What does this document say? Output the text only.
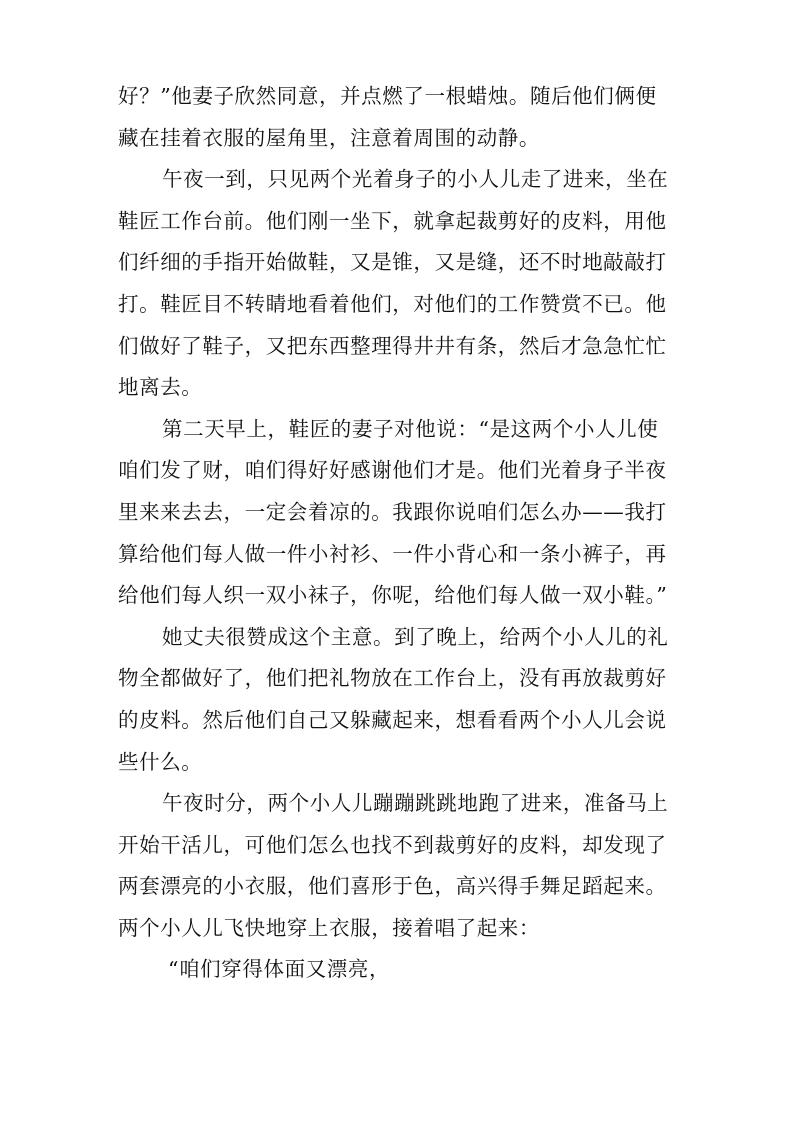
好？”他妻子欣然同意，并点燃了一根蜡烛。随后他们俩便
藏在挂着衣服的屋角里，注意着周围的动静。
午夜一到，只见两个光着身子的小人儿走了进来，坐在
鞋匠工作台前。他们刚一坐下，就拿起裁剪好的皮料，用他
们纤细的手指开始做鞋，又是锥，又是缝，还不时地敲敲打
打。鞋匠目不转睛地看着他们，对他们的工作赞赏不已。他
们做好了鞋子，又把东西整理得井井有条，然后才急急忙忙
地离去。
第二天早上，鞋匠的妻子对他说：“是这两个小人儿使
咱们发了财，咱们得好好感谢他们才是。他们光着身子半夜
里来来去去，一定会着凉的。我跟你说咱们怎么办——我打
算给他们每人做一件小衬衫、一件小背心和一条小裤子，再
给他们每人织一双小袜子，你呢，给他们每人做一双小鞋。”
她丈夫很赞成这个主意。到了晚上，给两个小人儿的礼
物全都做好了，他们把礼物放在工作台上，没有再放裁剪好
的皮料。然后他们自己又躲藏起来，想看看两个小人儿会说
些什么。
午夜时分，两个小人儿蹦蹦跳跳地跑了进来，准备马上
开始干活儿，可他们怎么也找不到裁剪好的皮料，却发现了
两套漂亮的小衣服，他们喜形于色，高兴得手舞足蹈起来。
两个小人儿飞快地穿上衣服，接着唱了起来：
“咱们穿得体面又漂亮，
